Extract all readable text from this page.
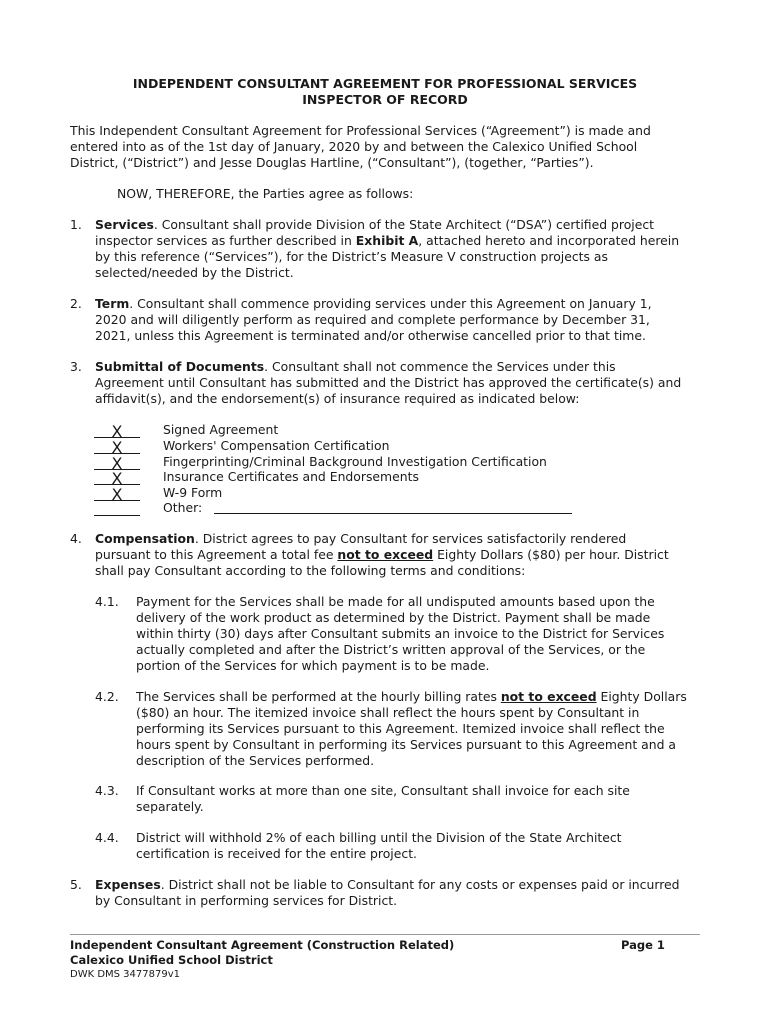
INDEPENDENT CONSULTANT AGREEMENT FOR PROFESSIONAL SERVICES
INSPECTOR OF RECORD
This Independent Consultant Agreement for Professional Services (“Agreement”) is made and
entered into as of the 1st day of January, 2020 by and between the Calexico Unified School
District, (“District”) and Jesse Douglas Hartline, (“Consultant”), (together, “Parties”).
NOW, THEREFORE, the Parties agree as follows:
1. Services. Consultant shall provide Division of the State Architect (“DSA”) certified project
inspector services as further described in Exhibit A, attached hereto and incorporated herein
by this reference (“Services”), for the District’s Measure V construction projects as
selected/needed by the District.
2. Term. Consultant shall commence providing services under this Agreement on January 1,
2020 and will diligently perform as required and complete performance by December 31,
2021, unless this Agreement is terminated and/or otherwise cancelled prior to that time.
3. Submittal of Documents. Consultant shall not commence the Services under this
Agreement until Consultant has submitted and the District has approved the certificate(s) and
affidavit(s), and the endorsement(s) of insurance required as indicated below:
X	Signed Agreement
X	Workers' Compensation Certification
X	Fingerprinting/Criminal Background Investigation Certification
X	Insurance Certificates and Endorsements
X	W-9 Form
Other:
4. Compensation. District agrees to pay Consultant for services satisfactorily rendered
pursuant to this Agreement a total fee not to exceed Eighty Dollars ($80) per hour. District
shall pay Consultant according to the following terms and conditions:
4.1. Payment for the Services shall be made for all undisputed amounts based upon the
delivery of the work product as determined by the District. Payment shall be made
within thirty (30) days after Consultant submits an invoice to the District for Services
actually completed and after the District’s written approval of the Services, or the
portion of the Services for which payment is to be made.
4.2. The Services shall be performed at the hourly billing rates not to exceed Eighty Dollars
($80) an hour. The itemized invoice shall reflect the hours spent by Consultant in
performing its Services pursuant to this Agreement. Itemized invoice shall reflect the
hours spent by Consultant in performing its Services pursuant to this Agreement and a
description of the Services performed.
4.3. If Consultant works at more than one site, Consultant shall invoice for each site
separately.
4.4. District will withhold 2% of each billing until the Division of the State Architect
certification is received for the entire project.
5. Expenses. District shall not be liable to Consultant for any costs or expenses paid or incurred
by Consultant in performing services for District.
Independent Consultant Agreement (Construction Related)	Page 1
Calexico Unified School District
DWK DMS 3477879v1
